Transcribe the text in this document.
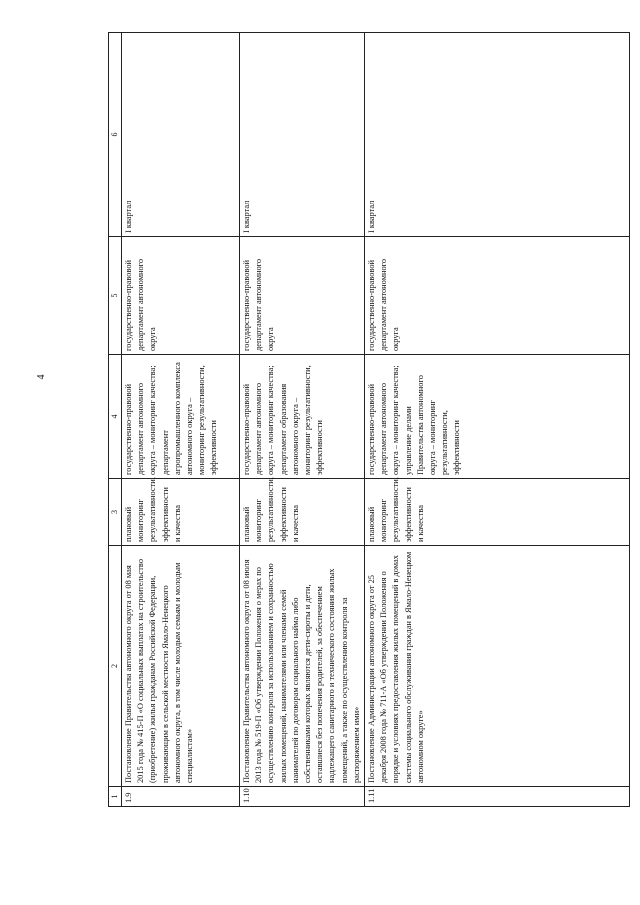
4
1	2	3	4	5	6
1.9	Постановление Правительства автономного округа от 08 мая 2015 года № 415-П «О социальных выплатах на строительство (приобретение) жилья гражданам Российской Федерации, проживающим в сельской местности Ямало-Ненецкого автономного округа, в том числе молодым семьям и молодым специалистам»	плановый мониторинг результативности, эффективности и качества	государственно-правовой департамент автономного округа – мониторинг качества; департамент агропромышленного комплекса автономного округа – мониторинг результативности, эффективности	государственно-правовой департамент автономного округа	I квартал
1.10	Постановление Правительства автономного округа от 08 июля 2013 года № 519-П «Об утверждении Положения о мерах по осуществлению контроля за использованием и сохранностью жилых помещений, нанимателями или членами семей нанимателей по договорам социального найма либо собственниками которых являются дети-сироты и дети, оставшиеся без попечения родителей, за обеспечением надлежащего санитарного и технического состояния жилых помещений, а также по осуществлению контроля за распоряжением ими»	плановый мониторинг результативности, эффективности и качества	государственно-правовой департамент автономного округа – мониторинг качества; департамент образования автономного округа – мониторинг результативности, эффективности	государственно-правовой департамент автономного округа	I квартал
1.11	Постановление Администрации автономного округа от 25 декабря 2008 года № 711-А «Об утверждении Положения о порядке и условиях предоставления жилых помещений в домах системы социального обслуживания граждан в Ямало-Ненецком автономном округе»	плановый мониторинг результативности, эффективности и качества	государственно-правовой департамент автономного округа – мониторинг качества; управление делами Правительства автономного округа – мониторинг результативности, эффективности	государственно-правовой департамент автономного округа	I квартал
